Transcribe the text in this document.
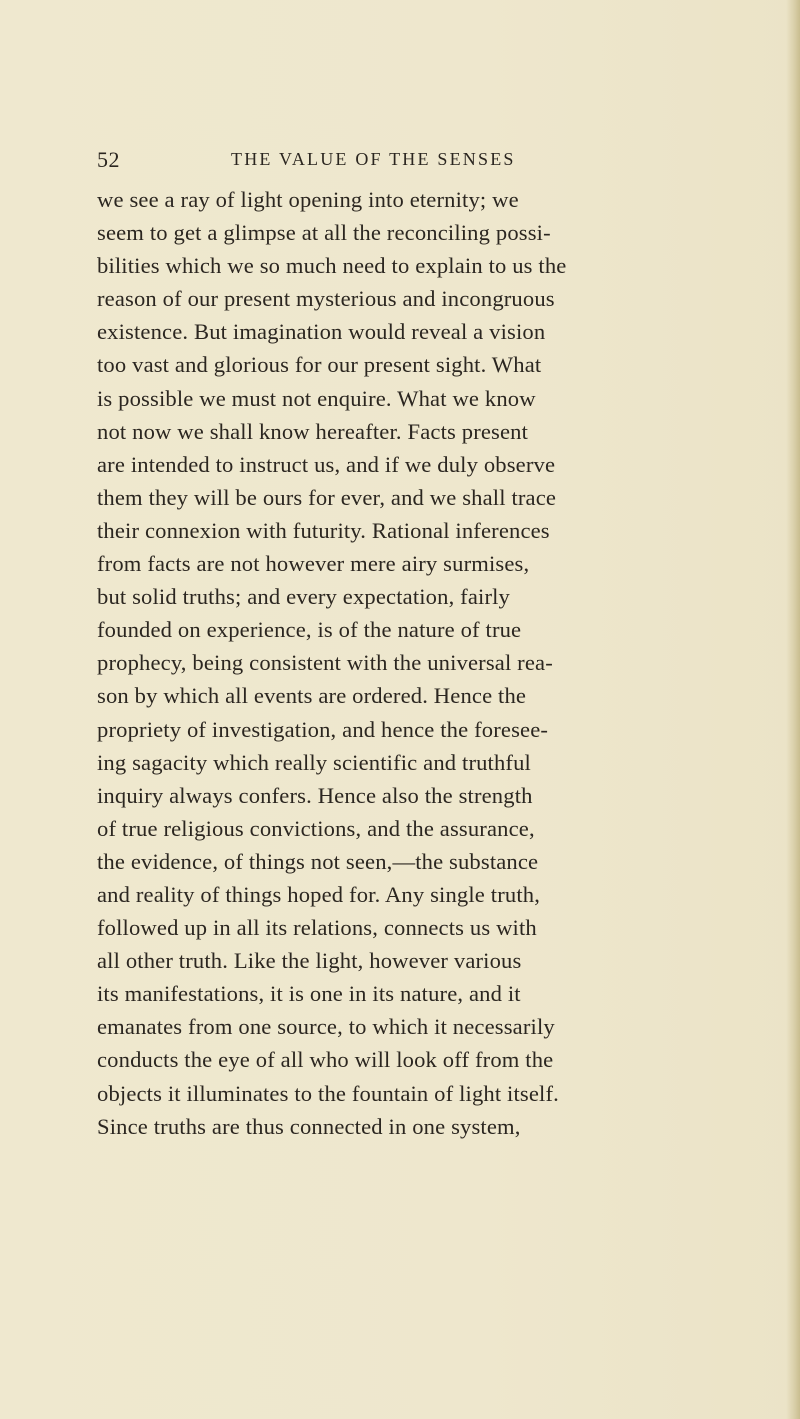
52	THE VALUE OF THE SENSES
we see a ray of light opening into eternity; we
seem to get a glimpse at all the reconciling possi-
bilities which we so much need to explain to us the
reason of our present mysterious and incongruous
existence. But imagination would reveal a vision
too vast and glorious for our present sight. What
is possible we must not enquire. What we know
not now we shall know hereafter. Facts present
are intended to instruct us, and if we duly observe
them they will be ours for ever, and we shall trace
their connexion with futurity. Rational inferences
from facts are not however mere airy surmises,
but solid truths; and every expectation, fairly
founded on experience, is of the nature of true
prophecy, being consistent with the universal rea-
son by which all events are ordered. Hence the
propriety of investigation, and hence the foresee-
ing sagacity which really scientific and truthful
inquiry always confers. Hence also the strength
of true religious convictions, and the assurance,
the evidence, of things not seen,—the substance
and reality of things hoped for. Any single truth,
followed up in all its relations, connects us with
all other truth. Like the light, however various
its manifestations, it is one in its nature, and it
emanates from one source, to which it necessarily
conducts the eye of all who will look off from the
objects it illuminates to the fountain of light itself.
Since truths are thus connected in one system,
